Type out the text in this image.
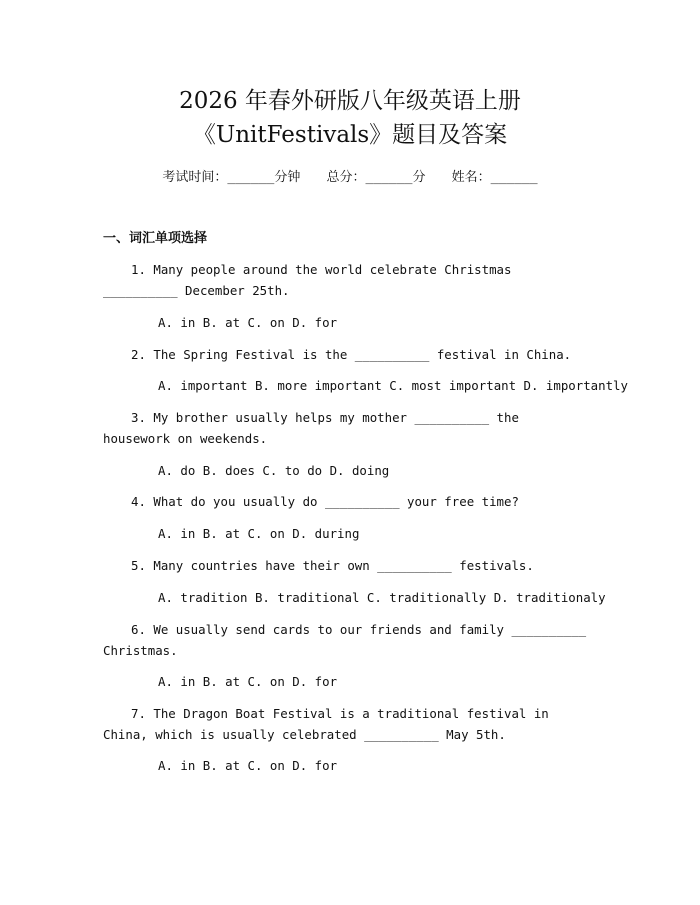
2026 年春外研版八年级英语上册
《UnitFestivals》题目及答案
考试时间：______分钟 总分：______分 姓名：______
一、词汇单项选择
1. Many people around the world celebrate Christmas __________ December 25th.
A. in B. at C. on D. for
2. The Spring Festival is the __________ festival in China.
A. important B. more important C. most important D. importantly
3. My brother usually helps my mother __________ the housework on weekends.
A. do B. does C. to do D. doing
4. What do you usually do __________ your free time?
A. in B. at C. on D. during
5. Many countries have their own __________ festivals.
A. tradition B. traditional C. traditionally D. traditionaly
6. We usually send cards to our friends and family __________ Christmas.
A. in B. at C. on D. for
7. The Dragon Boat Festival is a traditional festival in China, which is usually celebrated __________ May 5th.
A. in B. at C. on D. for
